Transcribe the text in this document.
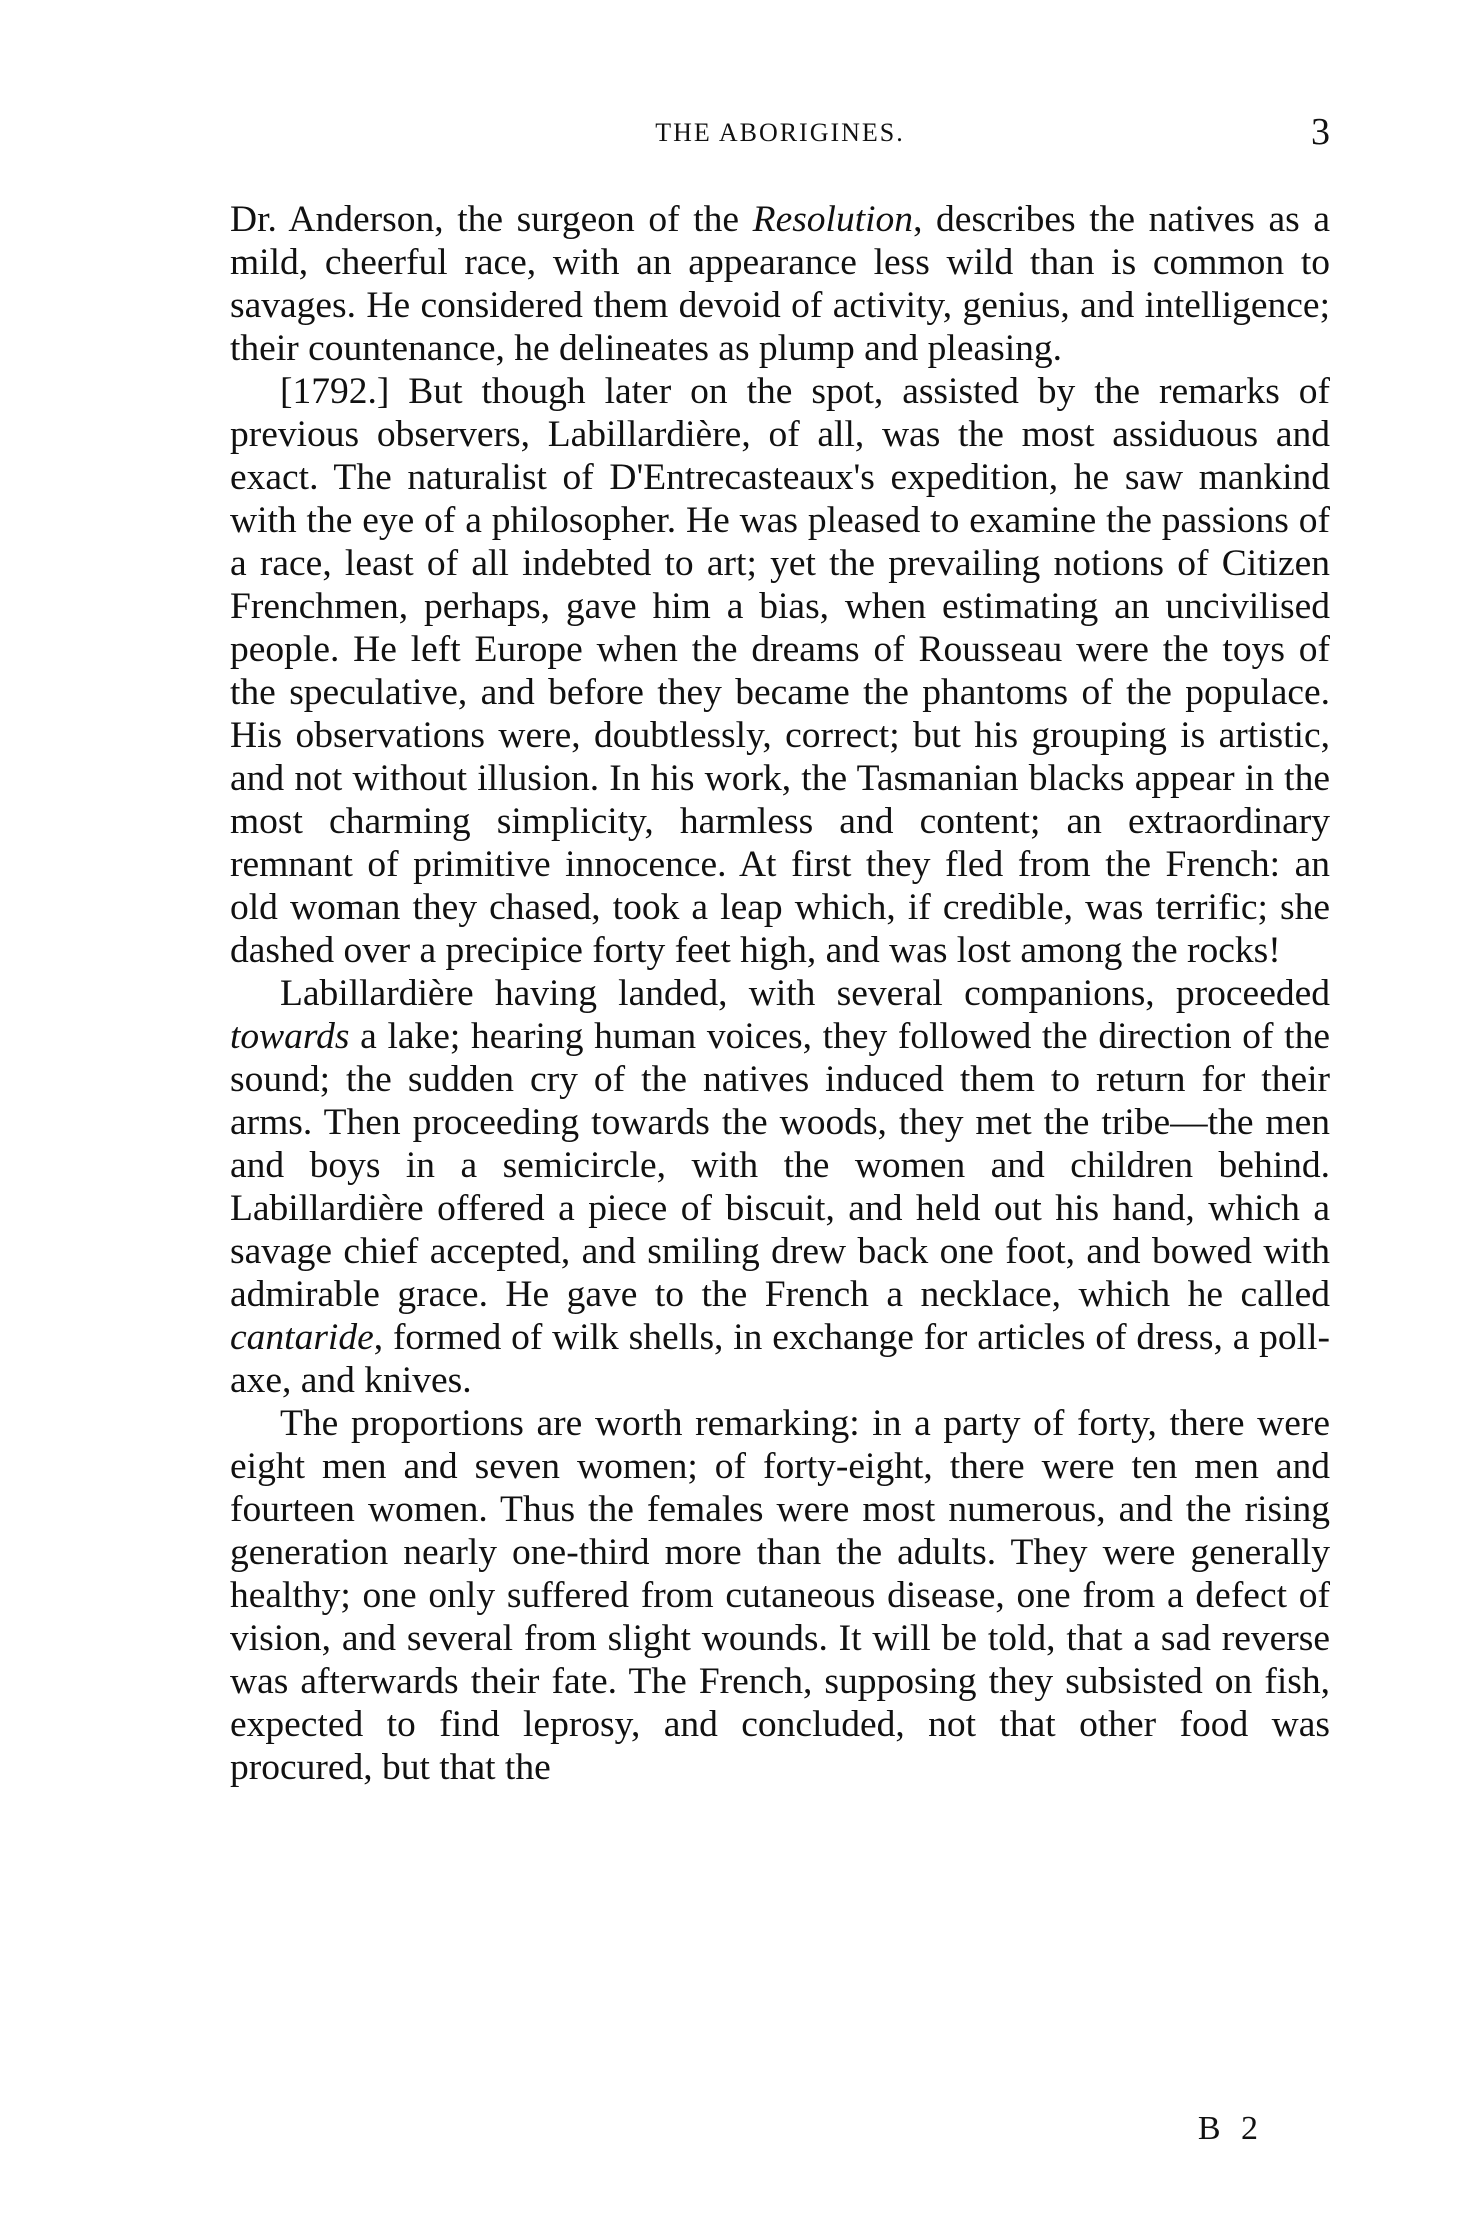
THE ABORIGINES.	3

Dr. Anderson, the surgeon of the Resolution, describes the natives as a mild, cheerful race, with an appearance less wild than is common to savages. He considered them devoid of activity, genius, and intelligence; their countenance, he delineates as plump and pleasing.

[1792.] But though later on the spot, assisted by the remarks of previous observers, Labillardière, of all, was the most assiduous and exact. The naturalist of D'Entrecasteaux's expedition, he saw mankind with the eye of a philosopher. He was pleased to examine the passions of a race, least of all indebted to art; yet the prevailing notions of Citizen Frenchmen, perhaps, gave him a bias, when estimating an uncivilised people. He left Europe when the dreams of Rousseau were the toys of the speculative, and before they became the phantoms of the populace. His observations were, doubtlessly, correct; but his grouping is artistic, and not without illusion. In his work, the Tasmanian blacks appear in the most charming simplicity, harmless and content; an extraordinary remnant of primitive innocence. At first they fled from the French: an old woman they chased, took a leap which, if credible, was terrific; she dashed over a precipice forty feet high, and was lost among the rocks!

Labillardière having landed, with several companions, proceeded towards a lake; hearing human voices, they followed the direction of the sound; the sudden cry of the natives induced them to return for their arms. Then proceeding towards the woods, they met the tribe—the men and boys in a semicircle, with the women and children behind. Labillardière offered a piece of biscuit, and held out his hand, which a savage chief accepted, and smiling drew back one foot, and bowed with admirable grace. He gave to the French a necklace, which he called cantaride, formed of wilk shells, in exchange for articles of dress, a poll-axe, and knives.

The proportions are worth remarking: in a party of forty, there were eight men and seven women; of forty-eight, there were ten men and fourteen women. Thus the females were most numerous, and the rising generation nearly one-third more than the adults. They were generally healthy; one only suffered from cutaneous disease, one from a defect of vision, and several from slight wounds. It will be told, that a sad reverse was afterwards their fate. The French, supposing they subsisted on fish, expected to find leprosy, and concluded, not that other food was procured, but that the

B 2
